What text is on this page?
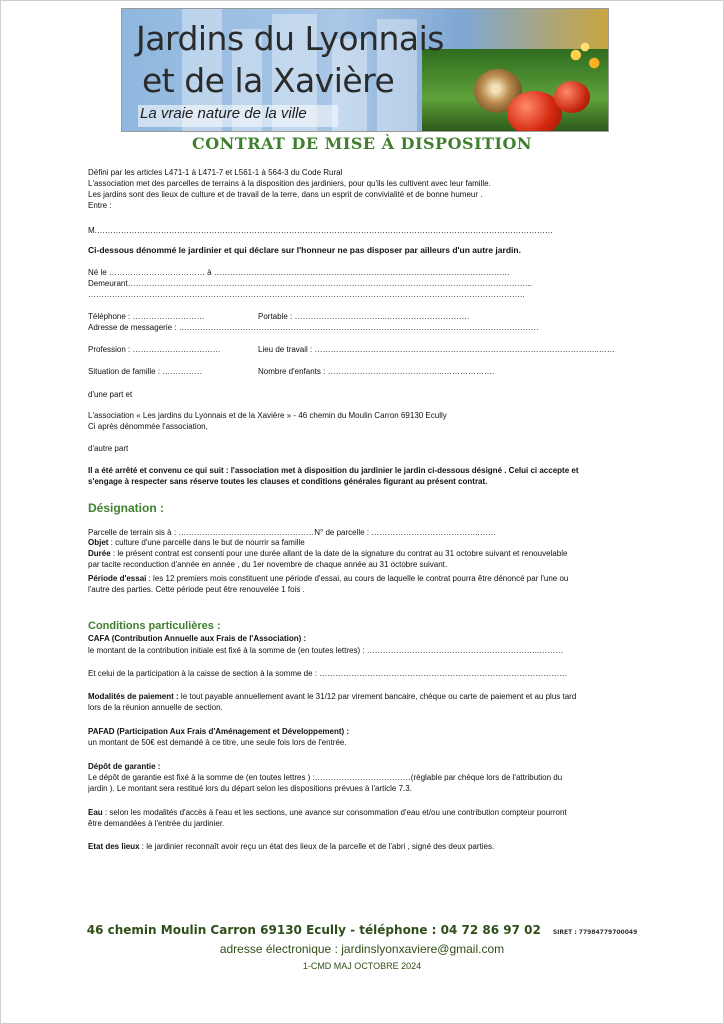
Jardins du Lyonnais
et de la Xavière
La vraie nature de la ville
CONTRAT DE MISE À DISPOSITION
Défini par les articles L471-1 à L471-7 et L561-1 à 564-3 du Code Rural
L'association met des parcelles de terrains à la disposition des jardiniers, pour qu'ils les cultivent avec leur famille.
Les jardins sont des lieux de culture et de travail de la terre, dans un esprit de convivialité et de bonne humeur .
Entre :
M.………………………………………………………………………………………………………………………………………………………
Ci-dessous dénommé le jardinier et qui déclare sur l'honneur ne pas disposer par ailleurs d'un autre jardin.
Né le ……………………………… à …………………………………………………………………………………………………
Demeurant……………………………………………………………………………………………………………………………………..
………………………………………………………………………………………………………………………………………………..
Téléphone : ………………………	Portable : ……………………………..………………………….
Adresse de messagerie : ………………………………………………………………………………………………………………………
Profession : ……………………………	Lieu de travail : ……………………………………………………………………………………………..……
Situation de famille : ……………	Nombre d'enfants : ……………………………………..……………….
d'une part et
L'association « Les jardins du Lyonnais et de la Xavière » - 46 chemin du Moulin Carron 69130 Ecully
Ci après dénommée l'association,
d'autre part
Il a été arrêté et convenu ce qui suit : l'association met à disposition du jardinier le jardin ci-dessous désigné . Celui ci accepte et
s'engage à respecter sans réserve toutes les clauses et conditions générales figurant au présent contrat.
Désignation :
Parcelle de terrain sis à : ……………………………………………N° de parcelle : …………………………………..……
Objet : culture d'une parcelle dans le but de nourrir sa famille
Durée : le présent contrat est consenti pour une durée allant de la date de la signature du contrat au 31 octobre suivant et renouvelable
par tacite reconduction d'année en année , du 1er novembre de chaque année au 31 octobre suivant.
Période d'essai : les 12 premiers mois constituent une période d'essai, au cours de laquelle le contrat pourra être dénoncé par l'une ou
l'autre des parties. Cette période peut être renouvelée 1 fois .
Conditions particulières :
CAFA (Contribution Annuelle aux Frais de l'Association) :
le montant de la contribution initiale est fixé à la somme de (en toutes lettres) : ………………………………………………………..………
Et celui de la participation à la caisse de section à la somme de : …………………………………………………………………………………
Modalités de paiement : le tout payable annuellement avant le 31/12 par virement bancaire, chèque ou carte de paiement et au plus tard
lors de la réunion annuelle de section.
PAFAD (Participation Aux Frais d'Aménagement et Développement) :
un montant de 50€ est demandé à ce titre, une seule fois lors de l'entrée.
Dépôt de garantie :
Le dépôt de garantie est fixé à la somme de (en toutes lettres ) :………………………………(réglable par chèque lors de l'attribution du
jardin ). Le montant sera restitué lors du départ selon les dispositions prévues à l'article 7.3.
Eau : selon les modalités d'accès à l'eau et les sections, une avance sur consommation d'eau et/ou une contribution compteur pourront
être demandées à l'entrée du jardinier.
Etat des lieux : le jardinier reconnaît avoir reçu un état des lieux de la parcelle et de l'abri , signé des deux parties.
46 chemin Moulin Carron 69130 Ecully - téléphone : 04 72 86 97 02 SIRET : 77984779700049
adresse électronique : jardinslyonxaviere@gmail.com
1-CMD MAJ OCTOBRE 2024
